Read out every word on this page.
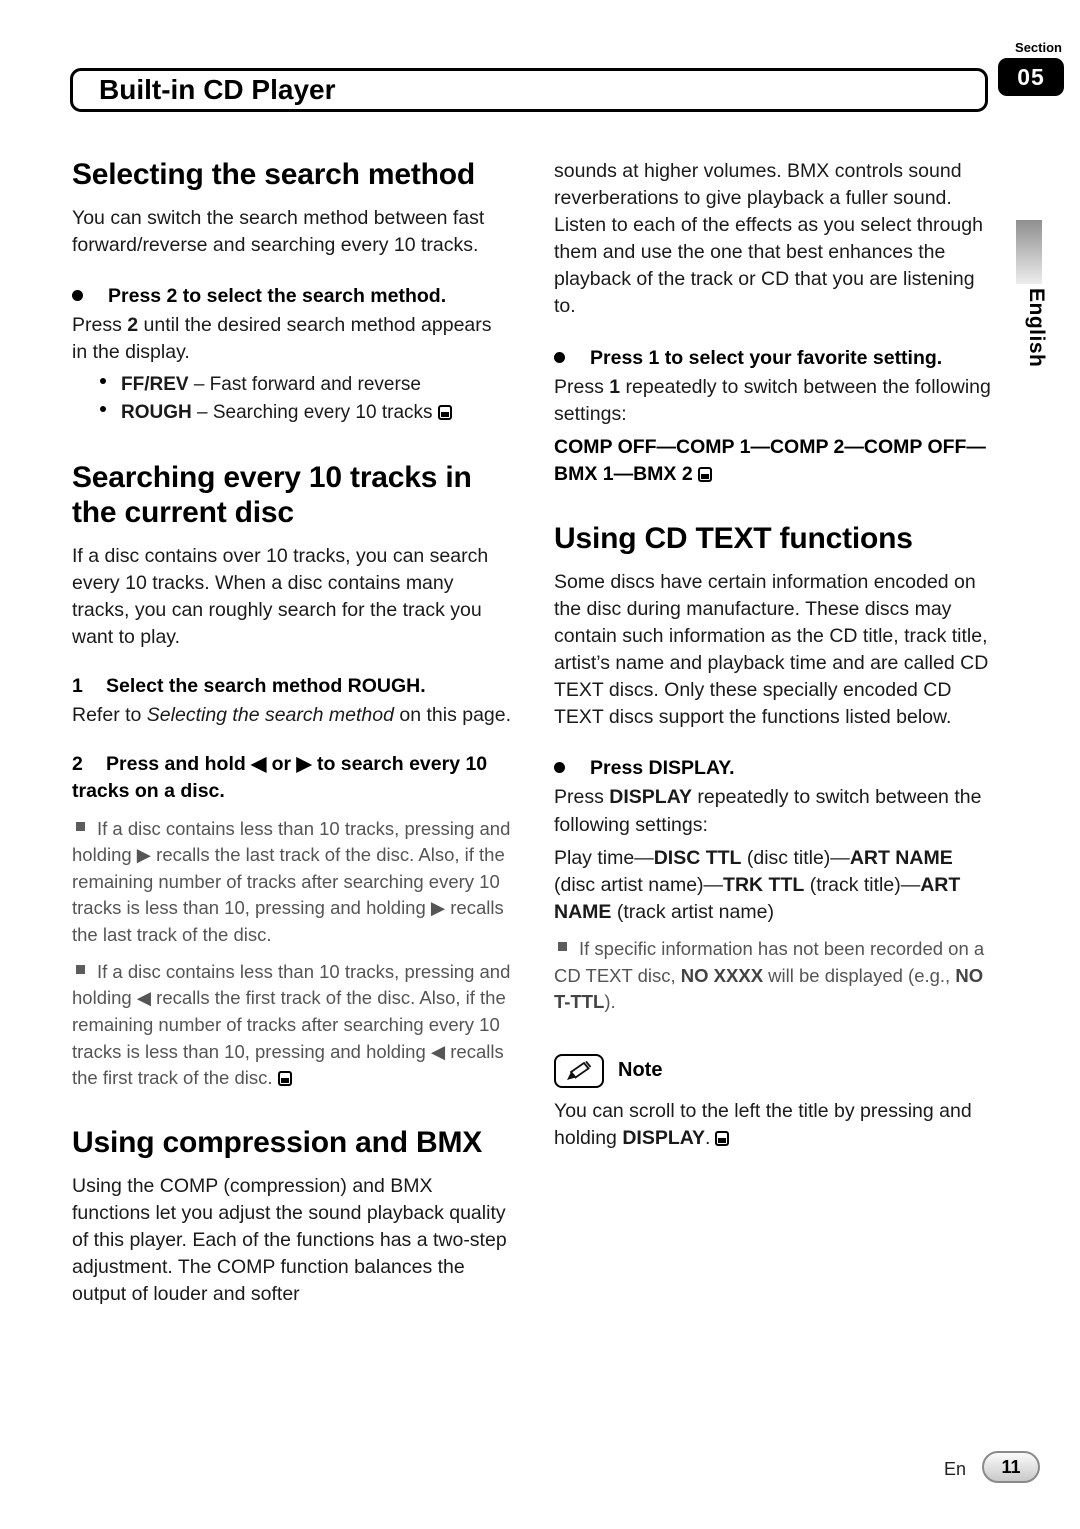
Section
05
Built-in CD Player
English
Selecting the search method

You can switch the search method between fast forward/reverse and searching every 10 tracks.

Press 2 to select the search method.

Press 2 until the desired search method appears in the display.

FF/REV – Fast forward and reverse

ROUGH – Searching every 10 tracks

Searching every 10 tracks in the current disc

If a disc contains over 10 tracks, you can search every 10 tracks. When a disc contains many tracks, you can roughly search for the track you want to play.

1 Select the search method ROUGH.

Refer to Selecting the search method on this page.

2 Press and hold ◀ or ▶ to search every 10 tracks on a disc.

If a disc contains less than 10 tracks, pressing and holding ▶ recalls the last track of the disc. Also, if the remaining number of tracks after searching every 10 tracks is less than 10, pressing and holding ▶ recalls the last track of the disc.

If a disc contains less than 10 tracks, pressing and holding ◀ recalls the first track of the disc. Also, if the remaining number of tracks after searching every 10 tracks is less than 10, pressing and holding ◀ recalls the first track of the disc.

Using compression and BMX

Using the COMP (compression) and BMX functions let you adjust the sound playback quality of this player. Each of the functions has a two-step adjustment. The COMP function balances the output of louder and softer

sounds at higher volumes. BMX controls sound reverberations to give playback a fuller sound. Listen to each of the effects as you select through them and use the one that best enhances the playback of the track or CD that you are listening to.

Press 1 to select your favorite setting.

Press 1 repeatedly to switch between the following settings:

COMP OFF—COMP 1—COMP 2—COMP OFF—BMX 1—BMX 2

Using CD TEXT functions

Some discs have certain information encoded on the disc during manufacture. These discs may contain such information as the CD title, track title, artist’s name and playback time and are called CD TEXT discs. Only these specially encoded CD TEXT discs support the functions listed below.

Press DISPLAY.

Press DISPLAY repeatedly to switch between the following settings:

Play time—DISC TTL (disc title)—ART NAME (disc artist name)—TRK TTL (track title)—ART NAME (track artist name)

If specific information has not been recorded on a CD TEXT disc, NO XXXX will be displayed (e.g., NO T-TTL).

Note

You can scroll to the left the title by pressing and holding DISPLAY.

En	11
